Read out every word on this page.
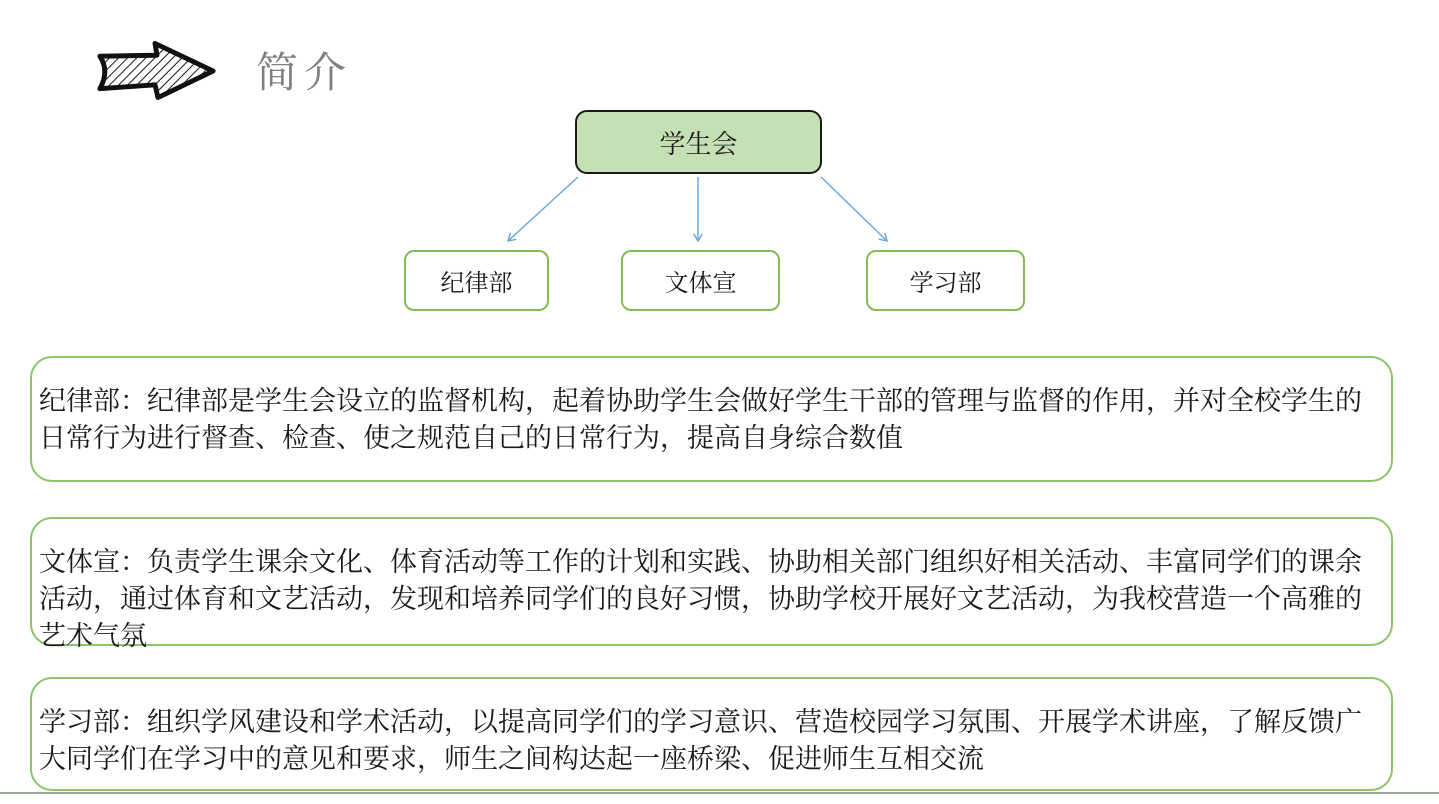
简介
学生会
纪律部	文体宣	学习部

纪律部：纪律部是学生会设立的监督机构，起着协助学生会做好学生干部的管理与监督的作用，并对全校学生的日常行为进行督查、检查、使之规范自己的日常行为，提高自身综合数值

文体宣：负责学生课余文化、体育活动等工作的计划和实践、协助相关部门组织好相关活动、丰富同学们的课余活动，通过体育和文艺活动，发现和培养同学们的良好习惯，协助学校开展好文艺活动，为我校营造一个高雅的艺术气氛

学习部：组织学风建设和学术活动，以提高同学们的学习意识、营造校园学习氛围、开展学术讲座，了解反馈广大同学们在学习中的意见和要求，师生之间构达起一座桥梁、促进师生互相交流
